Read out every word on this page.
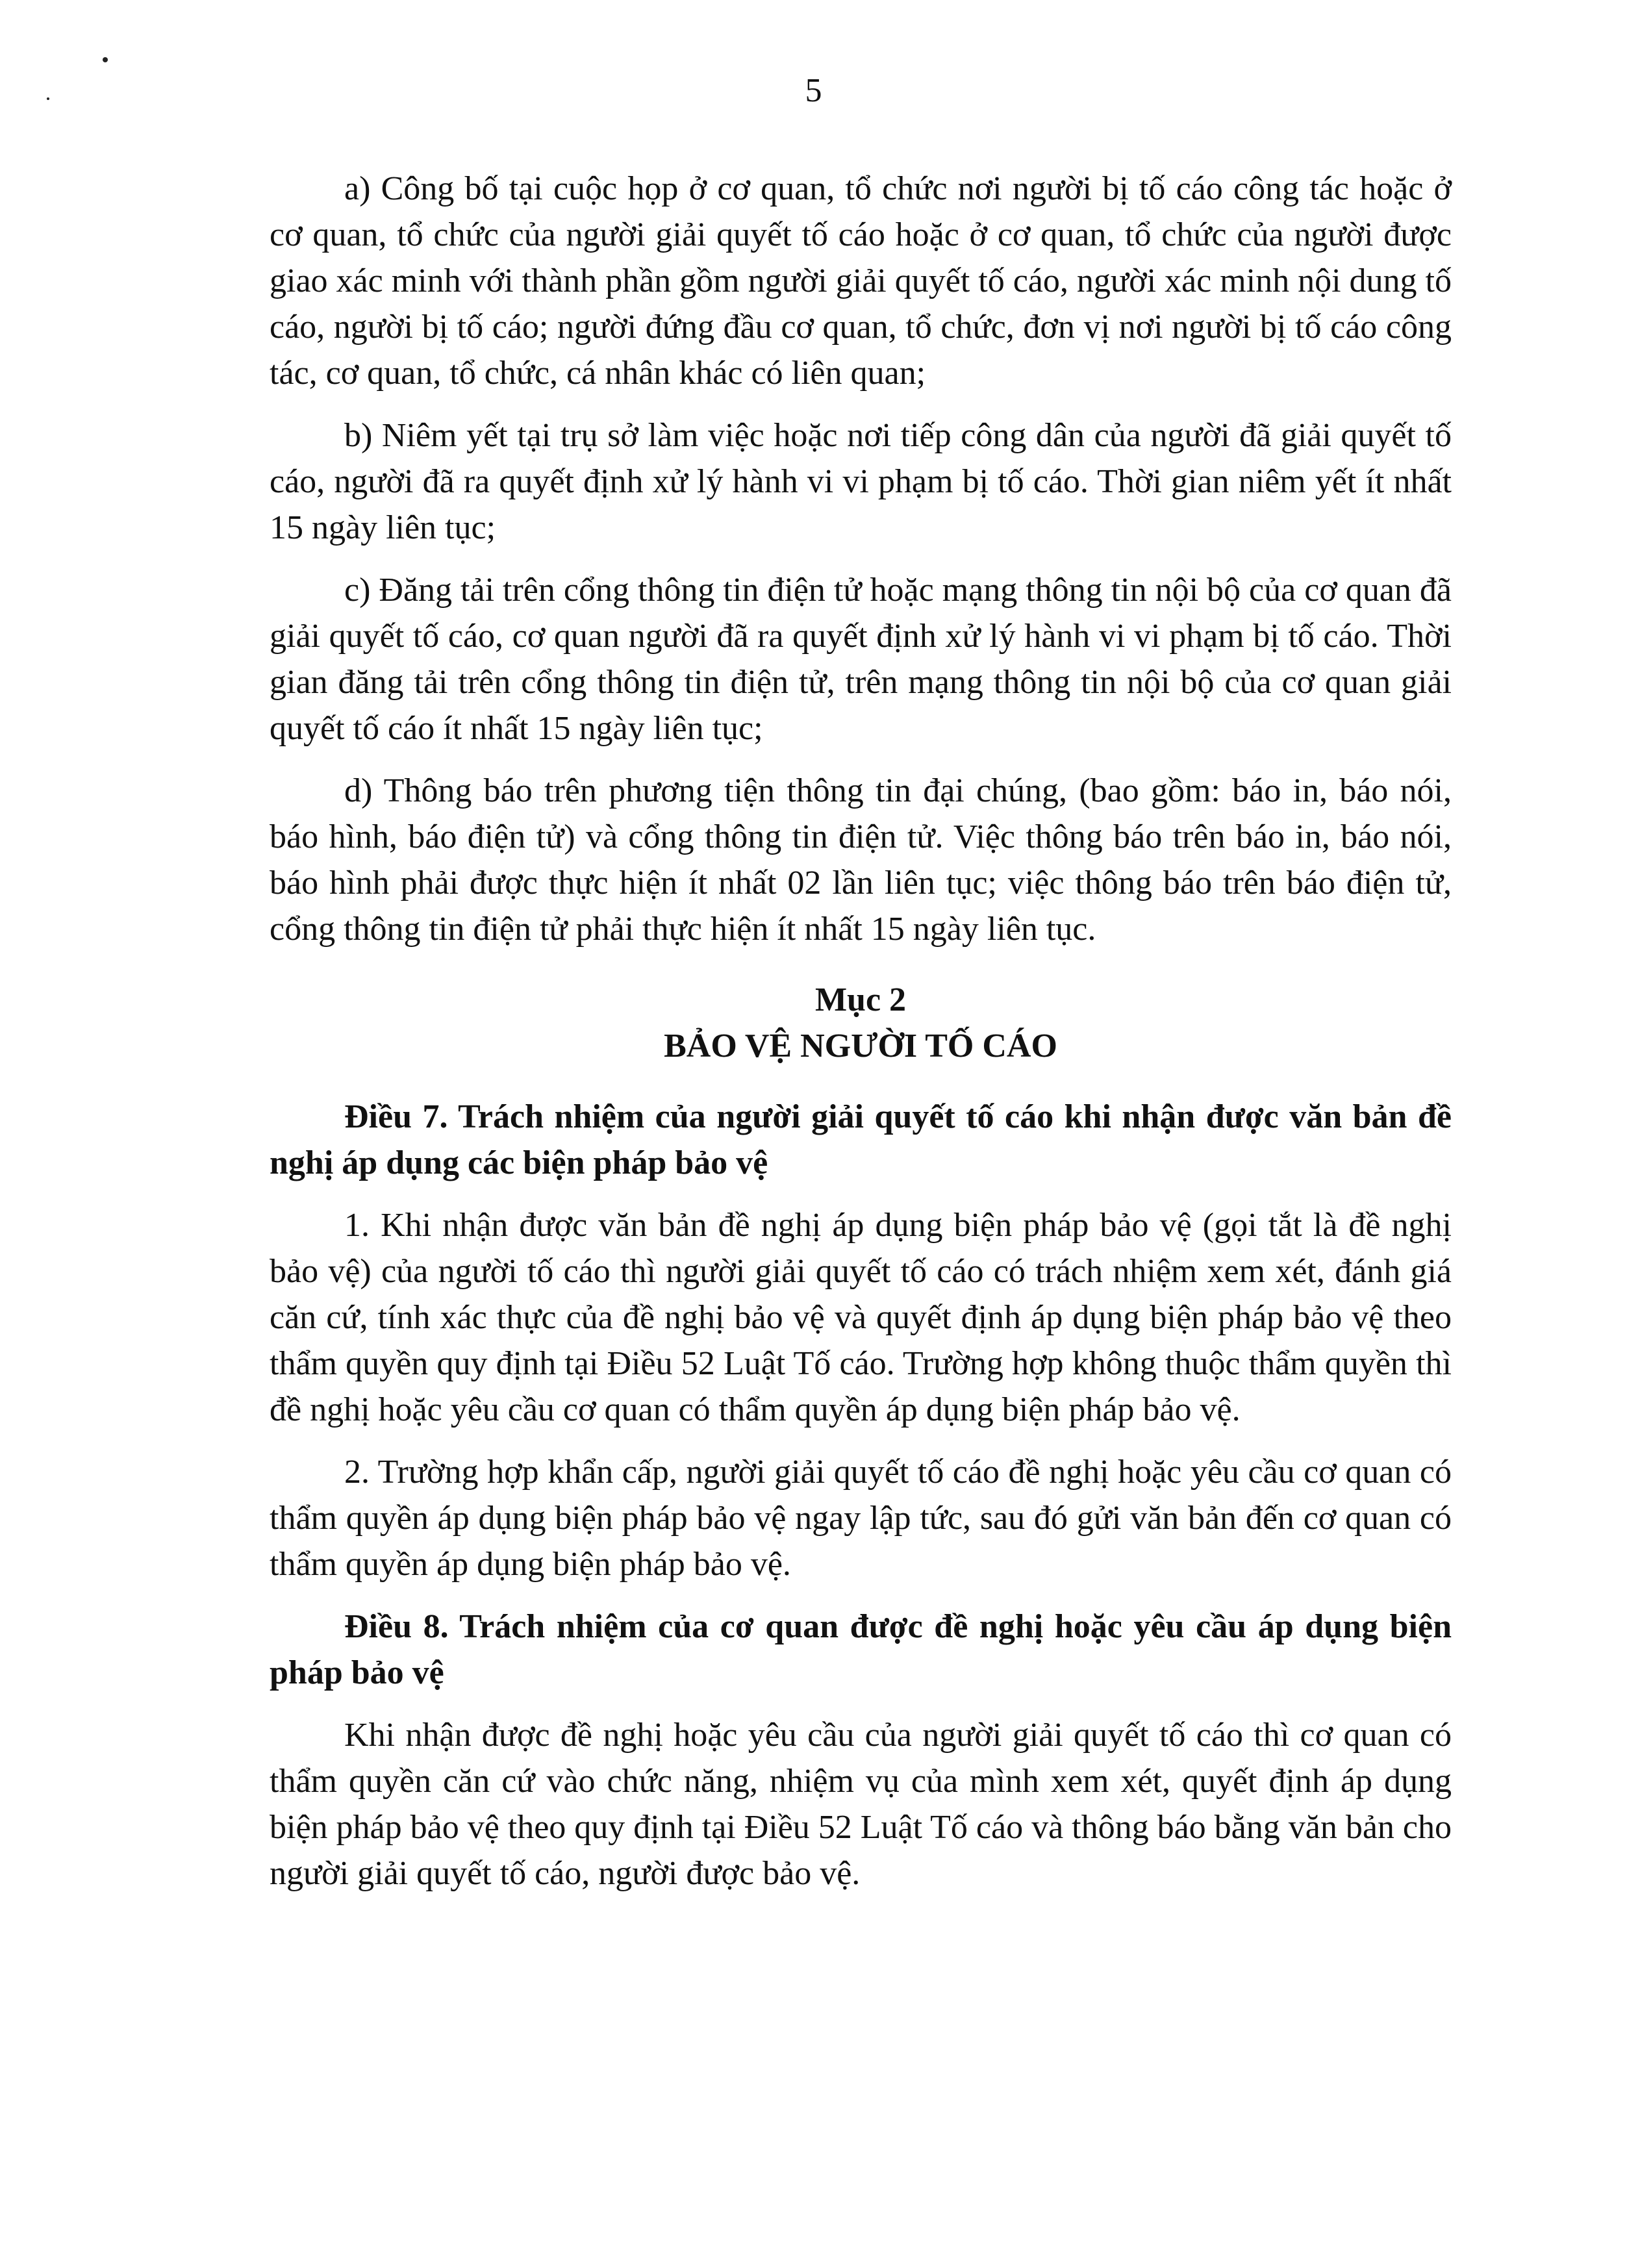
5

a) Công bố tại cuộc họp ở cơ quan, tổ chức nơi người bị tố cáo công tác hoặc ở cơ quan, tổ chức của người giải quyết tố cáo hoặc ở cơ quan, tổ chức của người được giao xác minh với thành phần gồm người giải quyết tố cáo, người xác minh nội dung tố cáo, người bị tố cáo; người đứng đầu cơ quan, tổ chức, đơn vị nơi người bị tố cáo công tác, cơ quan, tổ chức, cá nhân khác có liên quan;

b) Niêm yết tại trụ sở làm việc hoặc nơi tiếp công dân của người đã giải quyết tố cáo, người đã ra quyết định xử lý hành vi vi phạm bị tố cáo. Thời gian niêm yết ít nhất 15 ngày liên tục;

c) Đăng tải trên cổng thông tin điện tử hoặc mạng thông tin nội bộ của cơ quan đã giải quyết tố cáo, cơ quan người đã ra quyết định xử lý hành vi vi phạm bị tố cáo. Thời gian đăng tải trên cổng thông tin điện tử, trên mạng thông tin nội bộ của cơ quan giải quyết tố cáo ít nhất 15 ngày liên tục;

d) Thông báo trên phương tiện thông tin đại chúng, (bao gồm: báo in, báo nói, báo hình, báo điện tử) và cổng thông tin điện tử. Việc thông báo trên báo in, báo nói, báo hình phải được thực hiện ít nhất 02 lần liên tục; việc thông báo trên báo điện tử, cổng thông tin điện tử phải thực hiện ít nhất 15 ngày liên tục.

Mục 2
BẢO VỆ NGƯỜI TỐ CÁO

Điều 7. Trách nhiệm của người giải quyết tố cáo khi nhận được văn bản đề nghị áp dụng các biện pháp bảo vệ

1. Khi nhận được văn bản đề nghị áp dụng biện pháp bảo vệ (gọi tắt là đề nghị bảo vệ) của người tố cáo thì người giải quyết tố cáo có trách nhiệm xem xét, đánh giá căn cứ, tính xác thực của đề nghị bảo vệ và quyết định áp dụng biện pháp bảo vệ theo thẩm quyền quy định tại Điều 52 Luật Tố cáo. Trường hợp không thuộc thẩm quyền thì đề nghị hoặc yêu cầu cơ quan có thẩm quyền áp dụng biện pháp bảo vệ.

2. Trường hợp khẩn cấp, người giải quyết tố cáo đề nghị hoặc yêu cầu cơ quan có thẩm quyền áp dụng biện pháp bảo vệ ngay lập tức, sau đó gửi văn bản đến cơ quan có thẩm quyền áp dụng biện pháp bảo vệ.

Điều 8. Trách nhiệm của cơ quan được đề nghị hoặc yêu cầu áp dụng biện pháp bảo vệ

Khi nhận được đề nghị hoặc yêu cầu của người giải quyết tố cáo thì cơ quan có thẩm quyền căn cứ vào chức năng, nhiệm vụ của mình xem xét, quyết định áp dụng biện pháp bảo vệ theo quy định tại Điều 52 Luật Tố cáo và thông báo bằng văn bản cho người giải quyết tố cáo, người được bảo vệ.
